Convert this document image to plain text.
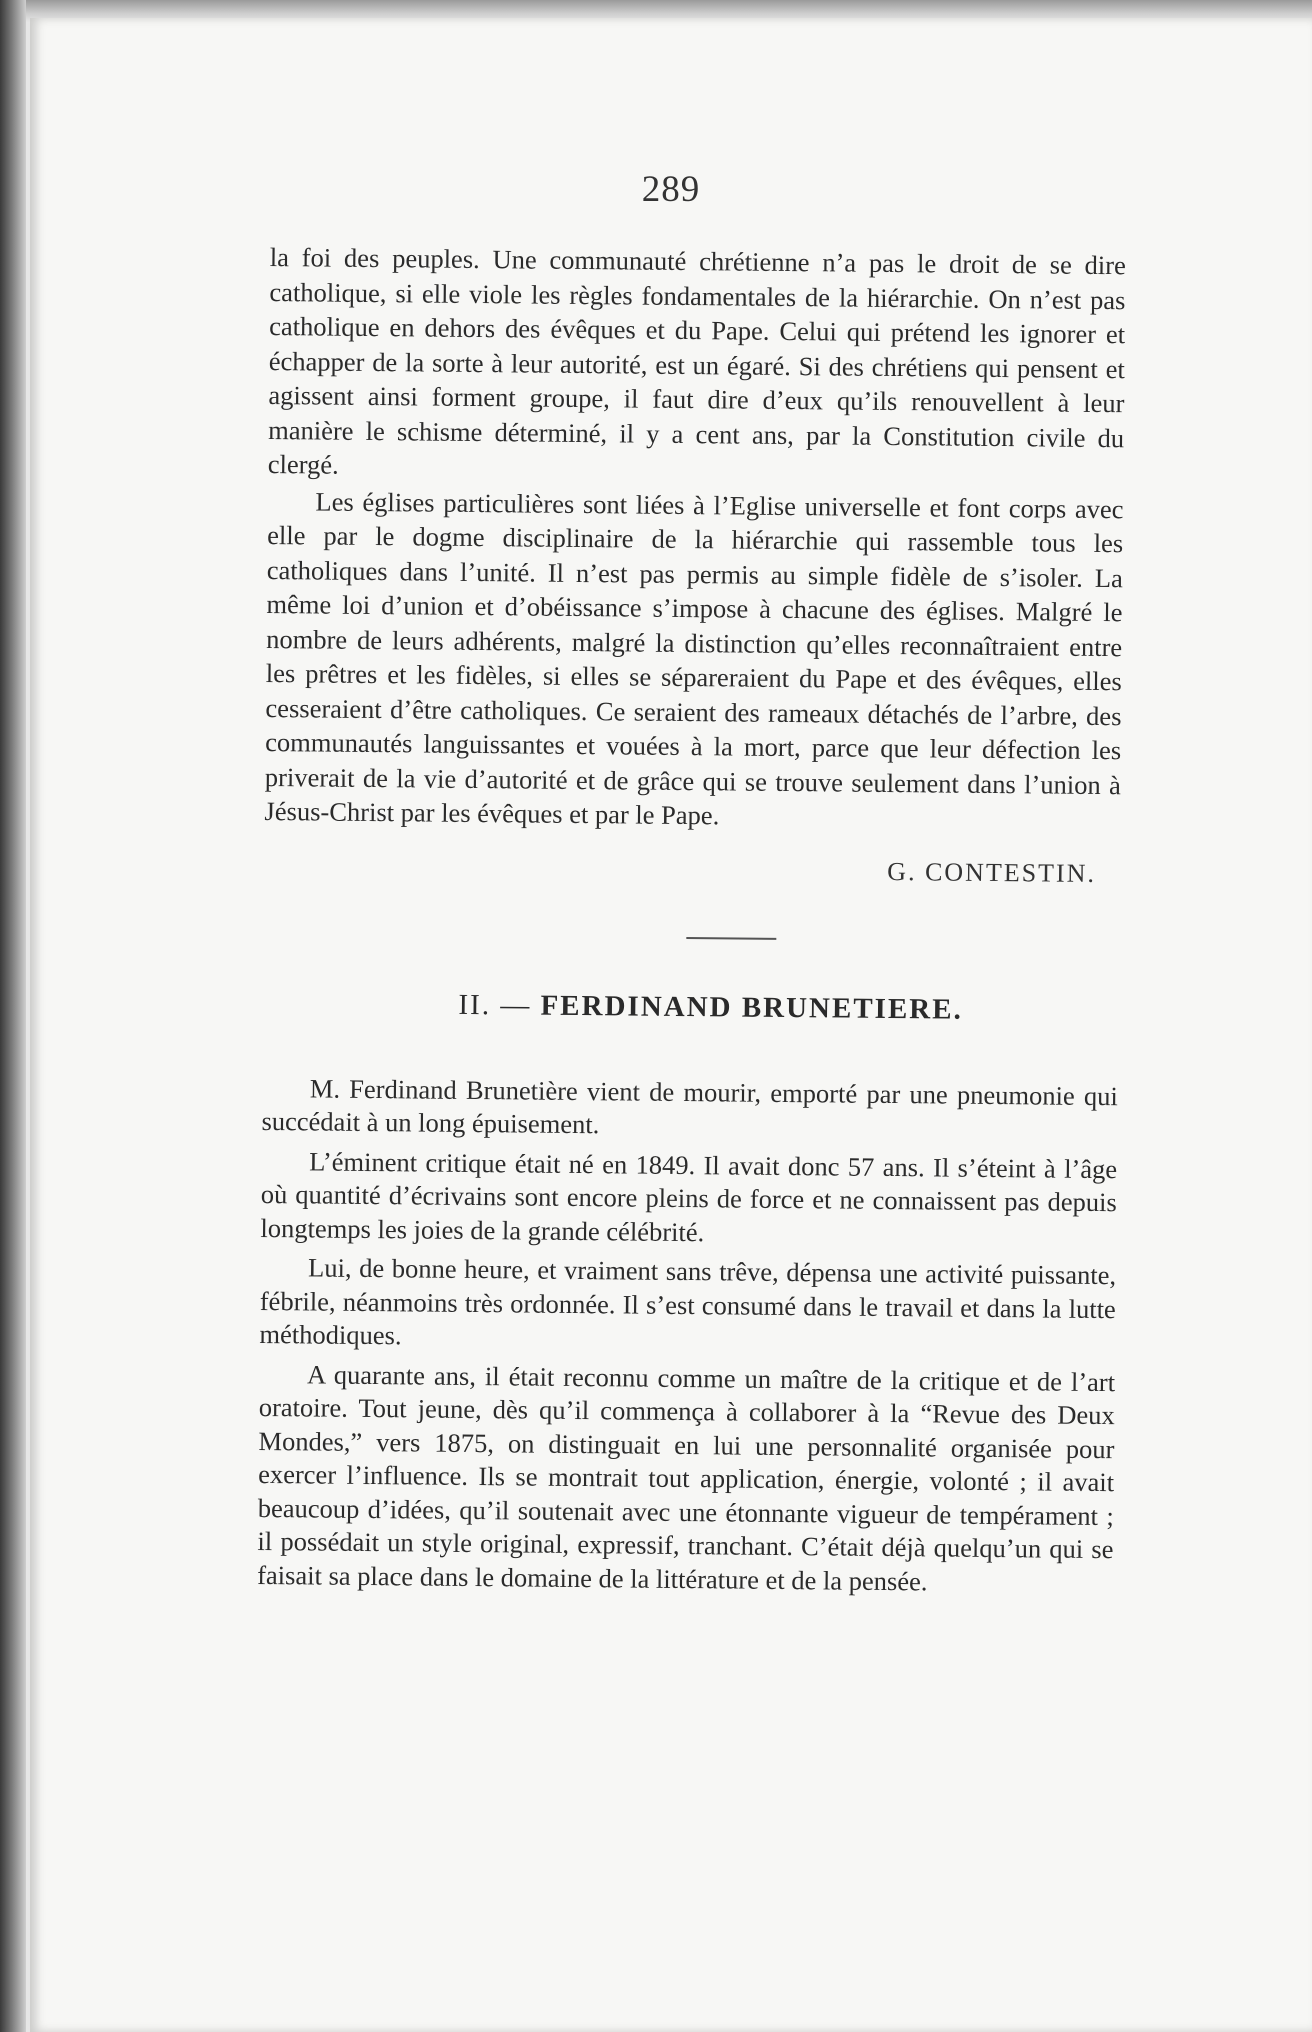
289

la foi des peuples. Une communauté chrétienne n’a pas le droit de se dire catholique, si elle viole les règles fondamentales de la hiérarchie. On n’est pas catholique en dehors des évêques et du Pape. Celui qui prétend les ignorer et échapper de la sorte à leur autorité, est un égaré. Si des chrétiens qui pensent et agissent ainsi forment groupe, il faut dire d’eux qu’ils renouvellent à leur manière le schisme déterminé, il y a cent ans, par la Constitution civile du clergé.

Les églises particulières sont liées à l’Eglise universelle et font corps avec elle par le dogme disciplinaire de la hiérarchie qui rassemble tous les catholiques dans l’unité. Il n’est pas permis au simple fidèle de s’isoler. La même loi d’union et d’obéissance s’impose à chacune des églises. Malgré le nombre de leurs adhérents, malgré la distinction qu’elles reconnaîtraient entre les prêtres et les fidèles, si elles se sépareraient du Pape et des évêques, elles cesseraient d’être catholiques. Ce seraient des rameaux détachés de l’arbre, des communautés languissantes et vouées à la mort, parce que leur défection les priverait de la vie d’autorité et de grâce qui se trouve seulement dans l’union à Jésus-Christ par les évêques et par le Pape.

G. CONTESTIN.
II. — FERDINAND BRUNETIERE.

M. Ferdinand Brunetière vient de mourir, emporté par une pneumonie qui succédait à un long épuisement.

L’éminent critique était né en 1849. Il avait donc 57 ans. Il s’éteint à l’âge où quantité d’écrivains sont encore pleins de force et ne connaissent pas depuis longtemps les joies de la grande célébrité.

Lui, de bonne heure, et vraiment sans trêve, dépensa une activité puissante, fébrile, néanmoins très ordonnée. Il s’est consumé dans le travail et dans la lutte méthodiques.

A quarante ans, il était reconnu comme un maître de la critique et de l’art oratoire. Tout jeune, dès qu’il commença à collaborer à la “Revue des Deux Mondes,” vers 1875, on distinguait en lui une personnalité organisée pour exercer l’influence. Ils se montrait tout application, énergie, volonté ; il avait beaucoup d’idées, qu’il soutenait avec une étonnante vigueur de tempérament ; il possédait un style original, expressif, tranchant. C’était déjà quelqu’un qui se faisait sa place dans le domaine de la littérature et de la pensée.
